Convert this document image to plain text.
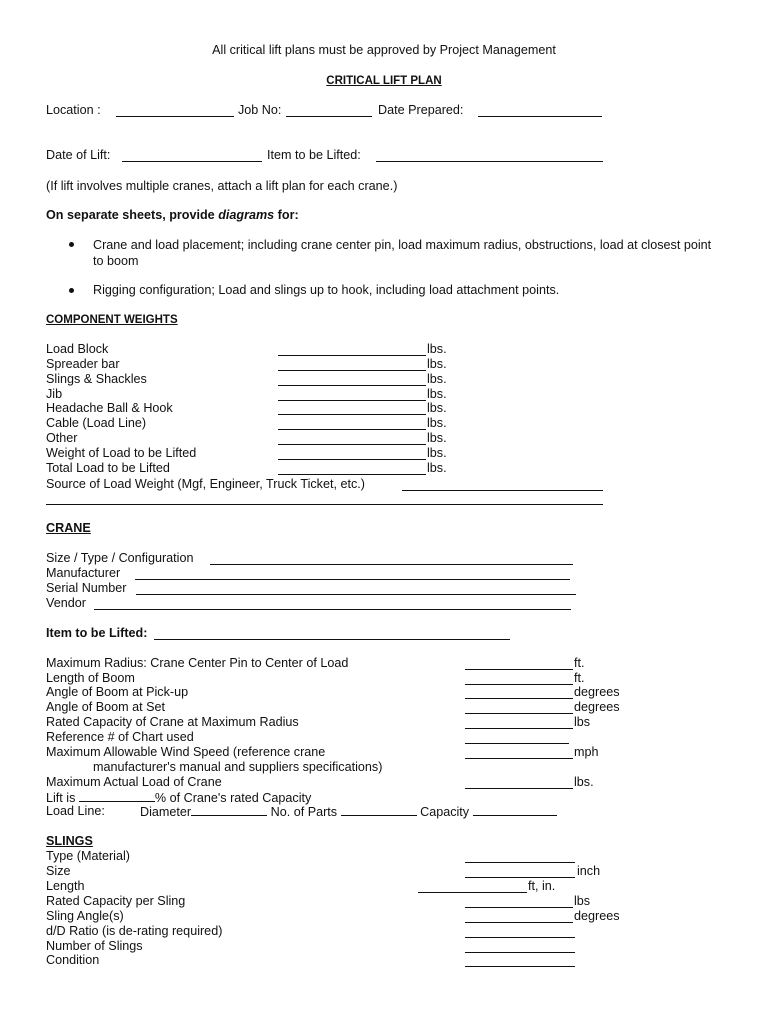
All critical lift plans must be approved by Project Management
CRITICAL LIFT PLAN
Location :	Job No:	Date Prepared:
Date of Lift:	Item to be Lifted:
(If lift involves multiple cranes, attach a lift plan for each crane.)
On separate sheets, provide diagrams for:
Crane and load placement; including crane center pin, load maximum radius, obstructions, load at closest point to boom
Rigging configuration; Load and slings up to hook, including load attachment points.
COMPONENT WEIGHTS
Load Block	lbs.
Spreader bar	lbs.
Slings & Shackles	lbs.
Jib	lbs.
Headache Ball & Hook	lbs.
Cable (Load Line)	lbs.
Other	lbs.
Weight of Load to be Lifted	lbs.
Total Load to be Lifted	lbs.
Source of Load Weight (Mgf, Engineer, Truck Ticket, etc.)
CRANE
Size / Type / Configuration
Manufacturer
Serial Number
Vendor
Item to be Lifted:
Maximum Radius: Crane Center Pin to Center of Load	ft.
Length of Boom	ft.
Angle of Boom at Pick-up	degrees
Angle of Boom at Set	degrees
Rated Capacity of Crane at Maximum Radius	lbs
Reference # of Chart used
Maximum Allowable Wind Speed (reference crane	mph
manufacturer's manual and suppliers specifications)
Maximum Actual Load of Crane	lbs.
Lift is	% of Crane's rated Capacity
Load Line:	Diameter	No. of Parts	Capacity
SLINGS
Type (Material)
Size	inch
Length	ft, in.
Rated Capacity per Sling	lbs
Sling Angle(s)	degrees
d/D Ratio (is de-rating required)
Number of Slings
Condition
